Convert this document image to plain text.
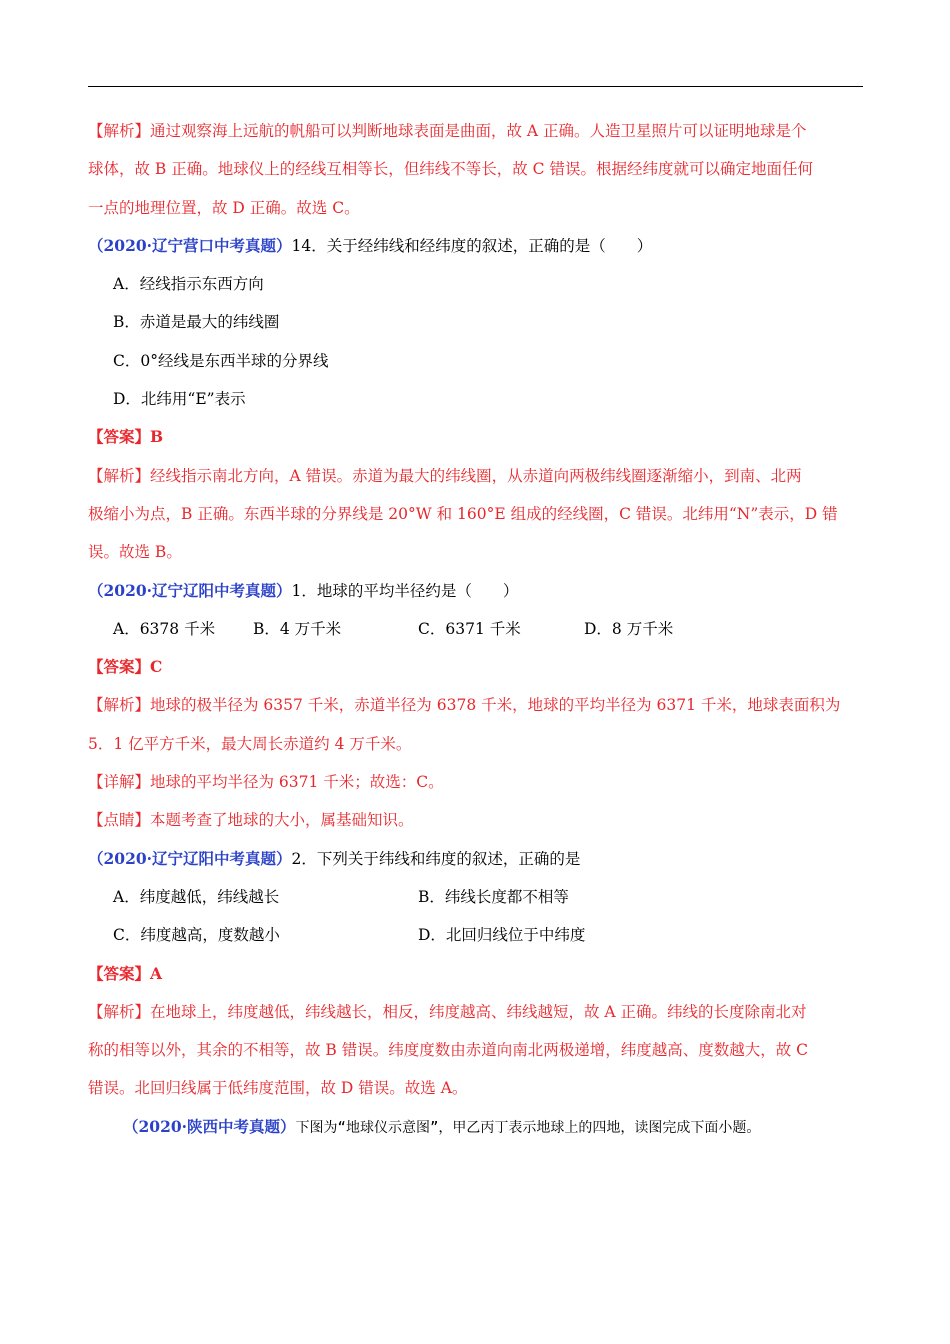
【解析】通过观察海上远航的帆船可以判断地球表面是曲面，故 A 正确。人造卫星照片可以证明地球是个
球体，故 B 正确。地球仪上的经线互相等长，但纬线不等长，故 C 错误。根据经纬度就可以确定地面任何
一点的地理位置，故 D 正确。故选 C。
（2020·辽宁营口中考真题）14．关于经纬线和经纬度的叙述，正确的是（　　）
A．经线指示东西方向
B．赤道是最大的纬线圈
C．0°经线是东西半球的分界线
D．北纬用“E”表示
【答案】B
【解析】经线指示南北方向，A 错误。赤道为最大的纬线圈，从赤道向两极纬线圈逐渐缩小，到南、北两
极缩小为点，B 正确。东西半球的分界线是 20°W 和 160°E 组成的经线圈，C 错误。北纬用“N”表示，D 错
误。故选 B。
（2020·辽宁辽阳中考真题）1．地球的平均半径约是（　　）
A．6378 千米 B．4 万千米	C．6371 千米	D．8 万千米
【答案】C
【解析】地球的极半径为 6357 千米，赤道半径为 6378 千米，地球的平均半径为 6371 千米，地球表面积为
5．1 亿平方千米，最大周长赤道约 4 万千米。
【详解】地球的平均半径为 6371 千米；故选：C。
【点睛】本题考查了地球的大小，属基础知识。
（2020·辽宁辽阳中考真题）2．下列关于纬线和纬度的叙述，正确的是
A．纬度越低，纬线越长	B．纬线长度都不相等
C．纬度越高，度数越小	D．北回归线位于中纬度
【答案】A
【解析】在地球上，纬度越低，纬线越长，相反，纬度越高、纬线越短，故 A 正确。纬线的长度除南北对
称的相等以外，其余的不相等，故 B 错误。纬度度数由赤道向南北两极递增，纬度越高、度数越大，故 C
错误。北回归线属于低纬度范围，故 D 错误。故选 A。
（2020·陕西中考真题）下图为“地球仪示意图”，甲乙丙丁表示地球上的四地，读图完成下面小题。
